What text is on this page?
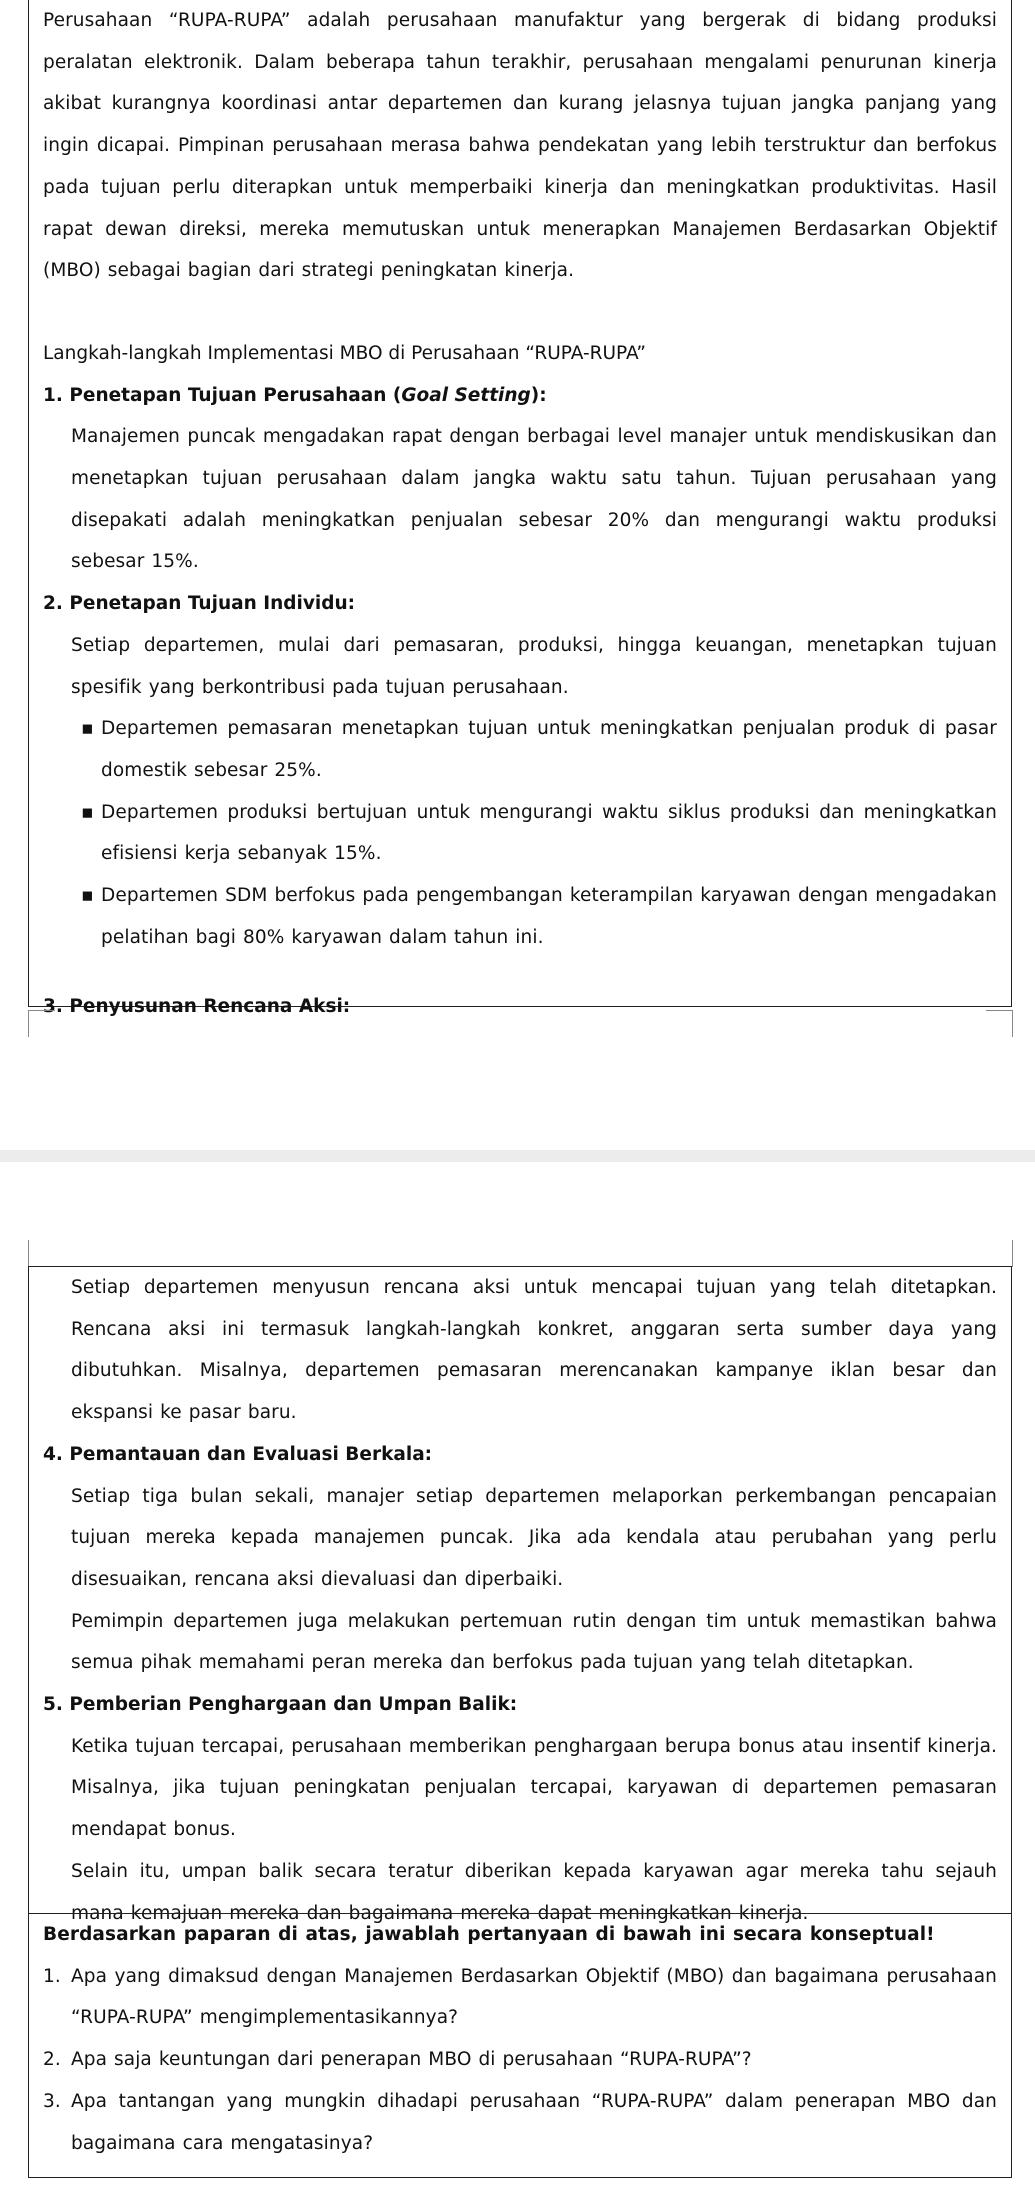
Perusahaan “RUPA-RUPA” adalah perusahaan manufaktur yang bergerak di bidang produksi peralatan elektronik. Dalam beberapa tahun terakhir, perusahaan mengalami penurunan kinerja akibat kurangnya koordinasi antar departemen dan kurang jelasnya tujuan jangka panjang yang ingin dicapai. Pimpinan perusahaan merasa bahwa pendekatan yang lebih terstruktur dan berfokus pada tujuan perlu diterapkan untuk memperbaiki kinerja dan meningkatkan produktivitas. Hasil rapat dewan direksi, mereka memutuskan untuk menerapkan Manajemen Berdasarkan Objektif (MBO) sebagai bagian dari strategi peningkatan kinerja.

Langkah-langkah Implementasi MBO di Perusahaan “RUPA-RUPA”

1. Penetapan Tujuan Perusahaan (Goal Setting):

Manajemen puncak mengadakan rapat dengan berbagai level manajer untuk mendiskusikan dan menetapkan tujuan perusahaan dalam jangka waktu satu tahun. Tujuan perusahaan yang disepakati adalah meningkatkan penjualan sebesar 20% dan mengurangi waktu produksi sebesar 15%.

2. Penetapan Tujuan Individu:

Setiap departemen, mulai dari pemasaran, produksi, hingga keuangan, menetapkan tujuan spesifik yang berkontribusi pada tujuan perusahaan.

▪ Departemen pemasaran menetapkan tujuan untuk meningkatkan penjualan produk di pasar domestik sebesar 25%.

▪ Departemen produksi bertujuan untuk mengurangi waktu siklus produksi dan meningkatkan efisiensi kerja sebanyak 15%.

▪ Departemen SDM berfokus pada pengembangan keterampilan karyawan dengan mengadakan pelatihan bagi 80% karyawan dalam tahun ini.

3. Penyusunan Rencana Aksi:

Setiap departemen menyusun rencana aksi untuk mencapai tujuan yang telah ditetapkan. Rencana aksi ini termasuk langkah-langkah konkret, anggaran serta sumber daya yang dibutuhkan. Misalnya, departemen pemasaran merencanakan kampanye iklan besar dan ekspansi ke pasar baru.

4. Pemantauan dan Evaluasi Berkala:

Setiap tiga bulan sekali, manajer setiap departemen melaporkan perkembangan pencapaian tujuan mereka kepada manajemen puncak. Jika ada kendala atau perubahan yang perlu disesuaikan, rencana aksi dievaluasi dan diperbaiki.

Pemimpin departemen juga melakukan pertemuan rutin dengan tim untuk memastikan bahwa semua pihak memahami peran mereka dan berfokus pada tujuan yang telah ditetapkan.

5. Pemberian Penghargaan dan Umpan Balik:

Ketika tujuan tercapai, perusahaan memberikan penghargaan berupa bonus atau insentif kinerja. Misalnya, jika tujuan peningkatan penjualan tercapai, karyawan di departemen pemasaran mendapat bonus.

Selain itu, umpan balik secara teratur diberikan kepada karyawan agar mereka tahu sejauh mana kemajuan mereka dan bagaimana mereka dapat meningkatkan kinerja.

Berdasarkan paparan di atas, jawablah pertanyaan di bawah ini secara konseptual!

1. Apa yang dimaksud dengan Manajemen Berdasarkan Objektif (MBO) dan bagaimana perusahaan “RUPA-RUPA” mengimplementasikannya?

2. Apa saja keuntungan dari penerapan MBO di perusahaan “RUPA-RUPA”?

3. Apa tantangan yang mungkin dihadapi perusahaan “RUPA-RUPA” dalam penerapan MBO dan bagaimana cara mengatasinya?
